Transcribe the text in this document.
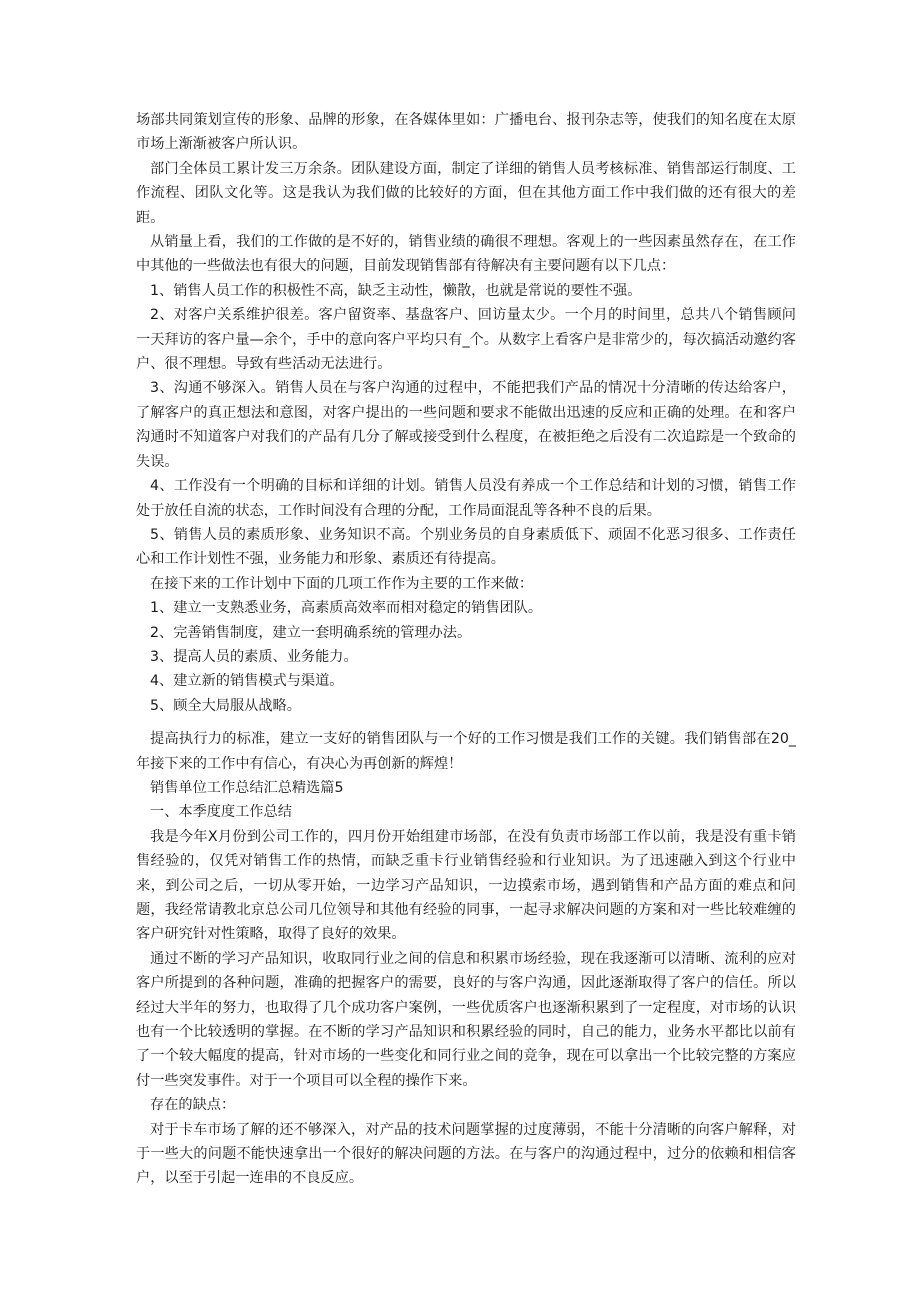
场部共同策划宣传的形象、品牌的形象，在各媒体里如：广播电台、报刊杂志等，使我们的知名度在太原市场上渐渐被客户所认识。

部门全体员工累计发三万余条。团队建设方面，制定了详细的销售人员考核标准、销售部运行制度、工作流程、团队文化等。这是我认为我们做的比较好的方面，但在其他方面工作中我们做的还有很大的差距。

从销量上看，我们的工作做的是不好的，销售业绩的确很不理想。客观上的一些因素虽然存在，在工作中其他的一些做法也有很大的问题，目前发现销售部有待解决有主要问题有以下几点：

1、销售人员工作的积极性不高，缺乏主动性，懒散，也就是常说的要性不强。

2、对客户关系维护很差。客户留资率、基盘客户、回访量太少。一个月的时间里，总共八个销售顾问一天拜访的客户量—余个，手中的意向客户平均只有_个。从数字上看客户是非常少的，每次搞活动邀约客户、很不理想。导致有些活动无法进行。

3、沟通不够深入。销售人员在与客户沟通的过程中，不能把我们产品的情况十分清晰的传达给客户，了解客户的真正想法和意图，对客户提出的一些问题和要求不能做出迅速的反应和正确的处理。在和客户沟通时不知道客户对我们的产品有几分了解或接受到什么程度，在被拒绝之后没有二次追踪是一个致命的失误。

4、工作没有一个明确的目标和详细的计划。销售人员没有养成一个工作总结和计划的习惯，销售工作处于放任自流的状态，工作时间没有合理的分配，工作局面混乱等各种不良的后果。

5、销售人员的素质形象、业务知识不高。个别业务员的自身素质低下、顽固不化恶习很多、工作责任心和工作计划性不强，业务能力和形象、素质还有待提高。

在接下来的工作计划中下面的几项工作作为主要的工作来做：

1、建立一支熟悉业务，高素质高效率而相对稳定的销售团队。

2、完善销售制度，建立一套明确系统的管理办法。

3、提高人员的素质、业务能力。

4、建立新的销售模式与渠道。

5、顾全大局服从战略。

提高执行力的标准，建立一支好的销售团队与一个好的工作习惯是我们工作的关键。我们销售部在20_年接下来的工作中有信心，有决心为再创新的辉煌！

销售单位工作总结汇总精选篇5

一、本季度度工作总结

我是今年X月份到公司工作的，四月份开始组建市场部，在没有负责市场部工作以前，我是没有重卡销售经验的，仅凭对销售工作的热情，而缺乏重卡行业销售经验和行业知识。为了迅速融入到这个行业中来，到公司之后，一切从零开始，一边学习产品知识，一边摸索市场，遇到销售和产品方面的难点和问题，我经常请教北京总公司几位领导和其他有经验的同事，一起寻求解决问题的方案和对一些比较难缠的客户研究针对性策略，取得了良好的效果。

通过不断的学习产品知识，收取同行业之间的信息和积累市场经验，现在我逐渐可以清晰、流利的应对客户所提到的各种问题，准确的把握客户的需要，良好的与客户沟通，因此逐渐取得了客户的信任。所以经过大半年的努力，也取得了几个成功客户案例，一些优质客户也逐渐积累到了一定程度，对市场的认识也有一个比较透明的掌握。在不断的学习产品知识和积累经验的同时，自己的能力，业务水平都比以前有了一个较大幅度的提高，针对市场的一些变化和同行业之间的竞争，现在可以拿出一个比较完整的方案应付一些突发事件。对于一个项目可以全程的操作下来。

存在的缺点：

对于卡车市场了解的还不够深入，对产品的技术问题掌握的过度薄弱，不能十分清晰的向客户解释，对于一些大的问题不能快速拿出一个很好的解决问题的方法。在与客户的沟通过程中，过分的依赖和相信客户，以至于引起一连串的不良反应。
